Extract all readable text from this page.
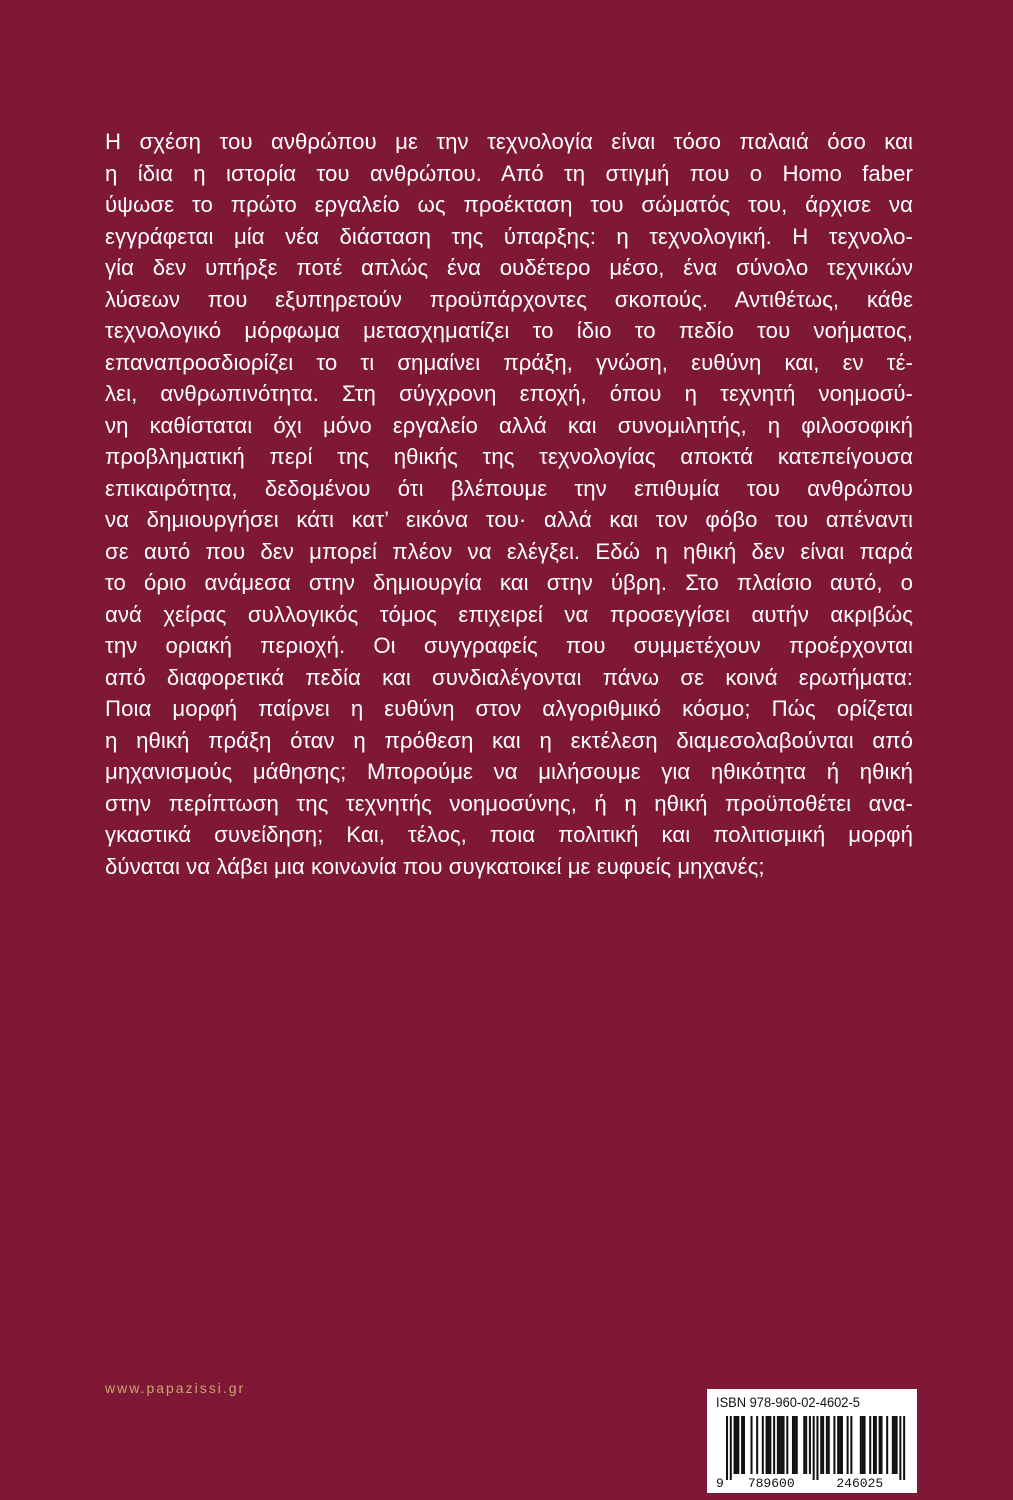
Η σχέση του ανθρώπου με την τεχνολογία είναι τόσο παλαιά όσο και
η ίδια η ιστορία του ανθρώπου. Από τη στιγμή που ο Homo faber
ύψωσε το πρώτο εργαλείο ως προέκταση του σώματός του, άρχισε να
εγγράφεται μία νέα διάσταση της ύπαρξης: η τεχνολογική. Η τεχνολο-
γία δεν υπήρξε ποτέ απλώς ένα ουδέτερο μέσο, ένα σύνολο τεχνικών
λύσεων που εξυπηρετούν προϋπάρχοντες σκοπούς. Αντιθέτως, κάθε
τεχνολογικό μόρφωμα μετασχηματίζει το ίδιο το πεδίο του νοήματος,
επαναπροσδιορίζει το τι σημαίνει πράξη, γνώση, ευθύνη και, εν τέ-
λει, ανθρωπινότητα. Στη σύγχρονη εποχή, όπου η τεχνητή νοημοσύ-
νη καθίσταται όχι μόνο εργαλείο αλλά και συνομιλητής, η φιλοσοφική
προβληματική περί της ηθικής της τεχνολογίας αποκτά κατεπείγουσα
επικαιρότητα, δεδομένου ότι βλέπουμε την επιθυμία του ανθρώπου
να δημιουργήσει κάτι κατ’ εικόνα του· αλλά και τον φόβο του απέναντι
σε αυτό που δεν μπορεί πλέον να ελέγξει. Εδώ η ηθική δεν είναι παρά
το όριο ανάμεσα στην δημιουργία και στην ύβρη. Στο πλαίσιο αυτό, ο
ανά χείρας συλλογικός τόμος επιχειρεί να προσεγγίσει αυτήν ακριβώς
την οριακή περιοχή. Οι συγγραφείς που συμμετέχουν προέρχονται
από διαφορετικά πεδία και συνδιαλέγονται πάνω σε κοινά ερωτήματα:
Ποια μορφή παίρνει η ευθύνη στον αλγοριθμικό κόσμο; Πώς ορίζεται
η ηθική πράξη όταν η πρόθεση και η εκτέλεση διαμεσολαβούνται από
μηχανισμούς μάθησης; Μπορούμε να μιλήσουμε για ηθικότητα ή ηθική
στην περίπτωση της τεχνητής νοημοσύνης, ή η ηθική προϋποθέτει ανα-
γκαστικά συνείδηση; Και, τέλος, ποια πολιτική και πολιτισμική μορφή
δύναται να λάβει μια κοινωνία που συγκατοικεί με ευφυείς μηχανές;
www.papazissi.gr
ISBN 978-960-02-4602-5
9 789600	246025
